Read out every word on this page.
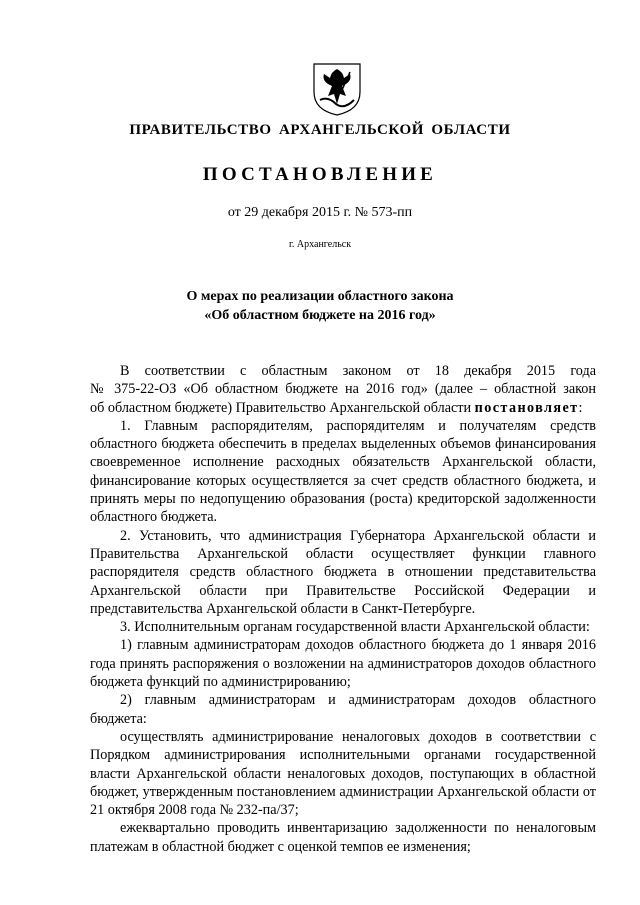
ПРАВИТЕЛЬСТВО АРХАНГЕЛЬСКОЙ ОБЛАСТИ
ПОСТАНОВЛЕНИЕ
от 29 декабря 2015 г. № 573-пп
г. Архангельск
О мерах по реализации областного закона
«Об областном бюджете на 2016 год»

В соответствии с областным законом от 18 декабря 2015 года

№ 375-22-ОЗ «Об областном бюджете на 2016 год» (далее – областной закон

об областном бюджете) Правительство Архангельской области постановляет:

1. Главным распорядителям, распорядителям и получателям средств областного бюджета обеспечить в пределах выделенных объемов финансирования своевременное исполнение расходных обязательств Архангельской области, финансирование которых осуществляется за счет средств областного бюджета, и принять меры по недопущению образования (роста) кредиторской задолженности областного бюджета.

2. Установить, что администрация Губернатора Архангельской области и Правительства Архангельской области осуществляет функции главного распорядителя средств областного бюджета в отношении представительства Архангельской области при Правительстве Российской Федерации и представительства Архангельской области в Санкт-Петербурге.

3. Исполнительным органам государственной власти Архангельской области:

1) главным администраторам доходов областного бюджета до 1 января 2016 года принять распоряжения о возложении на администраторов доходов областного бюджета функций по администрированию;

2) главным администраторам и администраторам доходов областного бюджета:

осуществлять администрирование неналоговых доходов в соответствии с Порядком администрирования исполнительными органами государственной власти Архангельской области неналоговых доходов, поступающих в областной бюджет, утвержденным постановлением администрации Архангельской области от 21 октября 2008 года № 232-па/37;

ежеквартально проводить инвентаризацию задолженности по неналоговым платежам в областной бюджет с оценкой темпов ее изменения;
